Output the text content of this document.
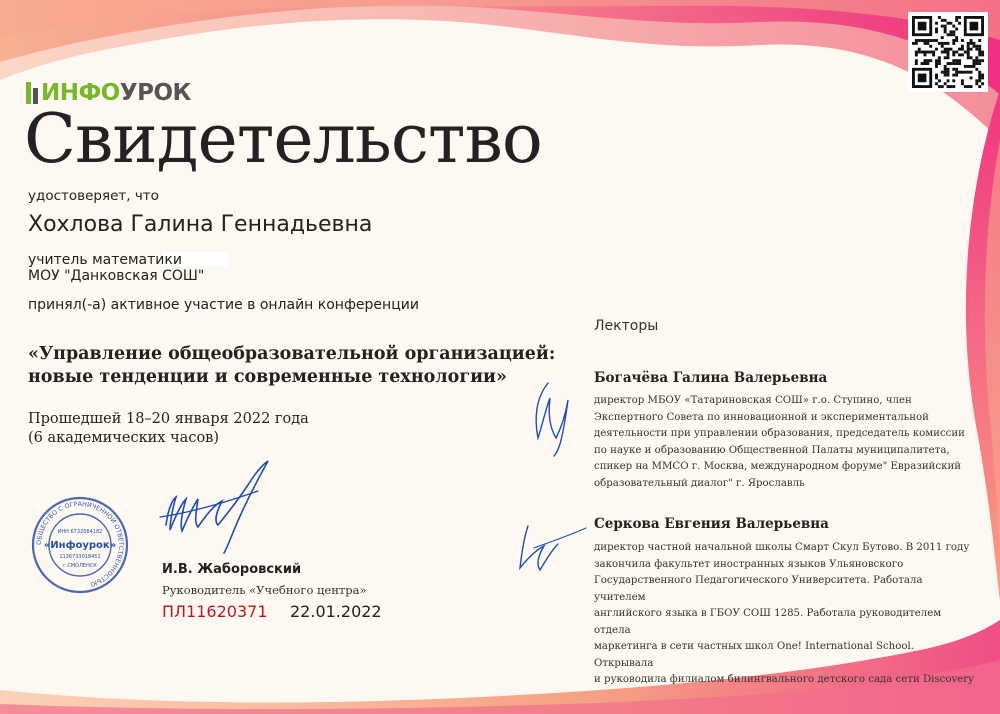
ИНФОУРОК
Свидетельство
удостоверяет, что
Хохлова Галина Геннадьевна
учитель математики
МОУ "Данковская СОШ"
принял(-а) активное участие в онлайн конференции
«Управление общеобразовательной организацией:
новые тенденции и современные технологии»
Прошедшей 18–20 января 2022 года
(6 академических часов)
ОБЩЕСТВО С ОГРАНИЧЕННОЙ ОТВЕТСТВЕННОСТЬЮ
ИНН 6732084182
«Инфоурок»
1136733018451
г.СМОЛЕНСК	И.В. Жаборовский
Руководитель «Учебного центра»
ПЛ11620371 22.01.2022
Лекторы
Богачёва Галина Валерьевна
директор МБОУ «Татариновская СОШ» г.о. Ступино, член
Экспертного Совета по инновационной и экспериментальной
деятельности при управлении образования, председатель комиссии
по науке и образованию Общественной Палаты муниципалитета,
спикер на ММСО г. Москва, международном форуме" Евразийский
образовательный диалог" г. Ярославль
Серкова Евгения Валерьевна
директор частной начальной школы Смарт Скул Бутово. В 2011 году
закончила факультет иностранных языков Ульяновского
Государственного Педагогического Университета. Работала учителем
английского языка в ГБОУ СОШ 1285. Работала руководителем отдела
маркетинга в сети частных школ One! International School. Открывала
и руководила филиалом билингвального детского сада сети Discovery
